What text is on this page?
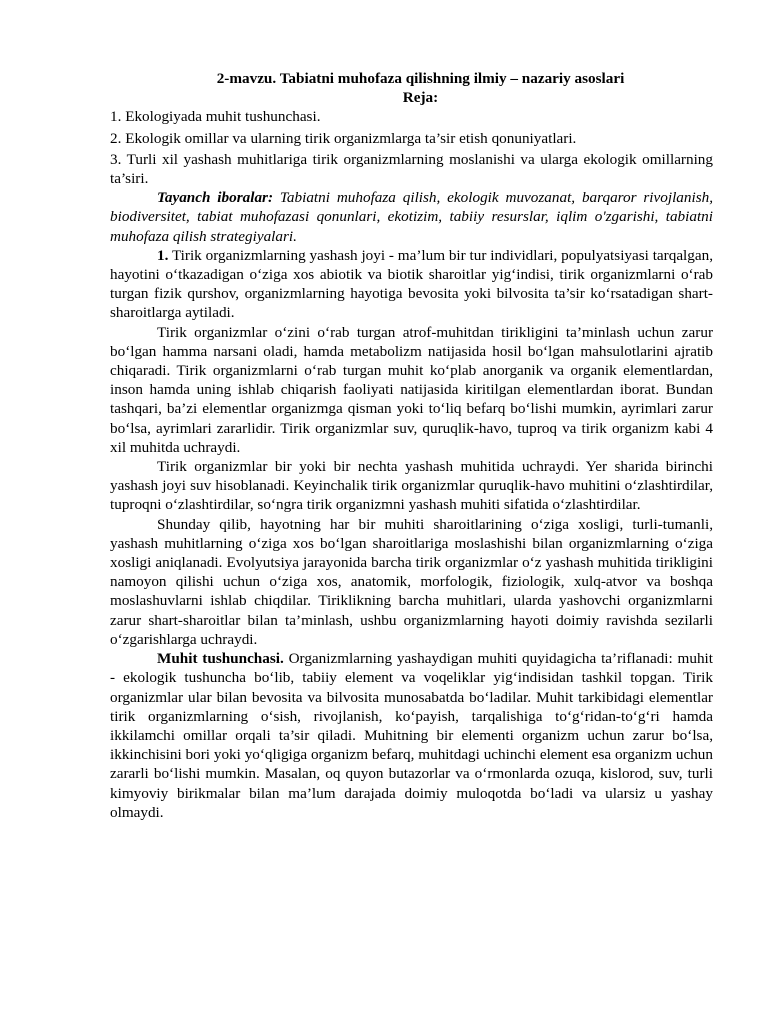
2-mavzu. Tabiatni muhofaza qilishning ilmiy – nazariy asoslari

Reja:

1. Ekologiyada muhit tushunchasi.

2. Ekologik omillar va ularning tirik organizmlarga ta’sir etish qonuniyatlari.

3. Turli xil yashash muhitlariga tirik organizmlarning moslanishi va ularga ekologik omillarning ta’siri.

Tayanch iboralar: Tabiatni muhofaza qilish, ekologik muvozanat, barqaror rivojlanish, biodiversitet, tabiat muhofazasi qonunlari, ekotizim, tabiiy resurslar, iqlim o'zgarishi, tabiatni muhofaza qilish strategiyalari.

1. Tirik organizmlarning yashash joyi - ma’lum bir tur individlari, populyatsiyasi tarqalgan, hayotini o‘tkazadigan o‘ziga xos abiotik va biotik sharoitlar yig‘indisi, tirik organizmlarni o‘rab turgan fizik qurshov, organizmlarning hayotiga bevosita yoki bilvosita ta’sir ko‘rsatadigan shart-sharoitlarga aytiladi.

Tirik organizmlar o‘zini o‘rab turgan atrof-muhitdan tirikligini ta’minlash uchun zarur bo‘lgan hamma narsani oladi, hamda metabolizm natijasida hosil bo‘lgan mahsulotlarini ajratib chiqaradi. Tirik organizmlarni o‘rab turgan muhit ko‘plab anorganik va organik elementlardan, inson hamda uning ishlab chiqarish faoliyati natijasida kiritilgan elementlardan iborat. Bundan tashqari, ba’zi elementlar organizmga qisman yoki to‘liq befarq bo‘lishi mumkin, ayrimlari zarur bo‘lsa, ayrimlari zararlidir. Tirik organizmlar suv, quruqlik-havo, tuproq va tirik organizm kabi 4 xil muhitda uchraydi.

Tirik organizmlar bir yoki bir nechta yashash muhitida uchraydi. Yer sharida birinchi yashash joyi suv hisoblanadi. Keyinchalik tirik organizmlar quruqlik-havo muhitini o‘zlashtirdilar, tuproqni o‘zlashtirdilar, so‘ngra tirik organizmni yashash muhiti sifatida o‘zlashtirdilar.

Shunday qilib, hayotning har bir muhiti sharoitlarining o‘ziga xosligi, turli-tumanli, yashash muhitlarning o‘ziga xos bo‘lgan sharoitlariga moslashishi bilan organizmlarning o‘ziga xosligi aniqlanadi. Evolyutsiya jarayonida barcha tirik organizmlar o‘z yashash muhitida tirikligini namoyon qilishi uchun o‘ziga xos, anatomik, morfologik, fiziologik, xulq-atvor va boshqa moslashuvlarni ishlab chiqdilar. Tiriklikning barcha muhitlari, ularda yashovchi organizmlarni zarur shart-sharoitlar bilan ta’minlash, ushbu organizmlarning hayoti doimiy ravishda sezilarli o‘zgarishlarga uchraydi.

Muhit tushunchasi. Organizmlarning yashaydigan muhiti quyidagicha ta’riflanadi: muhit - ekologik tushuncha bo‘lib, tabiiy element va voqeliklar yig‘indisidan tashkil topgan. Tirik organizmlar ular bilan bevosita va bilvosita munosabatda bo‘ladilar. Muhit tarkibidagi elementlar tirik organizmlarning o‘sish, rivojlanish, ko‘payish, tarqalishiga to‘g‘ridan-to‘g‘ri hamda ikkilamchi omillar orqali ta’sir qiladi. Muhitning bir elementi organizm uchun zarur bo‘lsa, ikkinchisini bori yoki yo‘qligiga organizm befarq, muhitdagi uchinchi element esa organizm uchun zararli bo‘lishi mumkin. Masalan, oq quyon butazorlar va o‘rmonlarda ozuqa, kislorod, suv, turli kimyoviy birikmalar bilan ma’lum darajada doimiy muloqotda bo‘ladi va ularsiz u yashay olmaydi.
